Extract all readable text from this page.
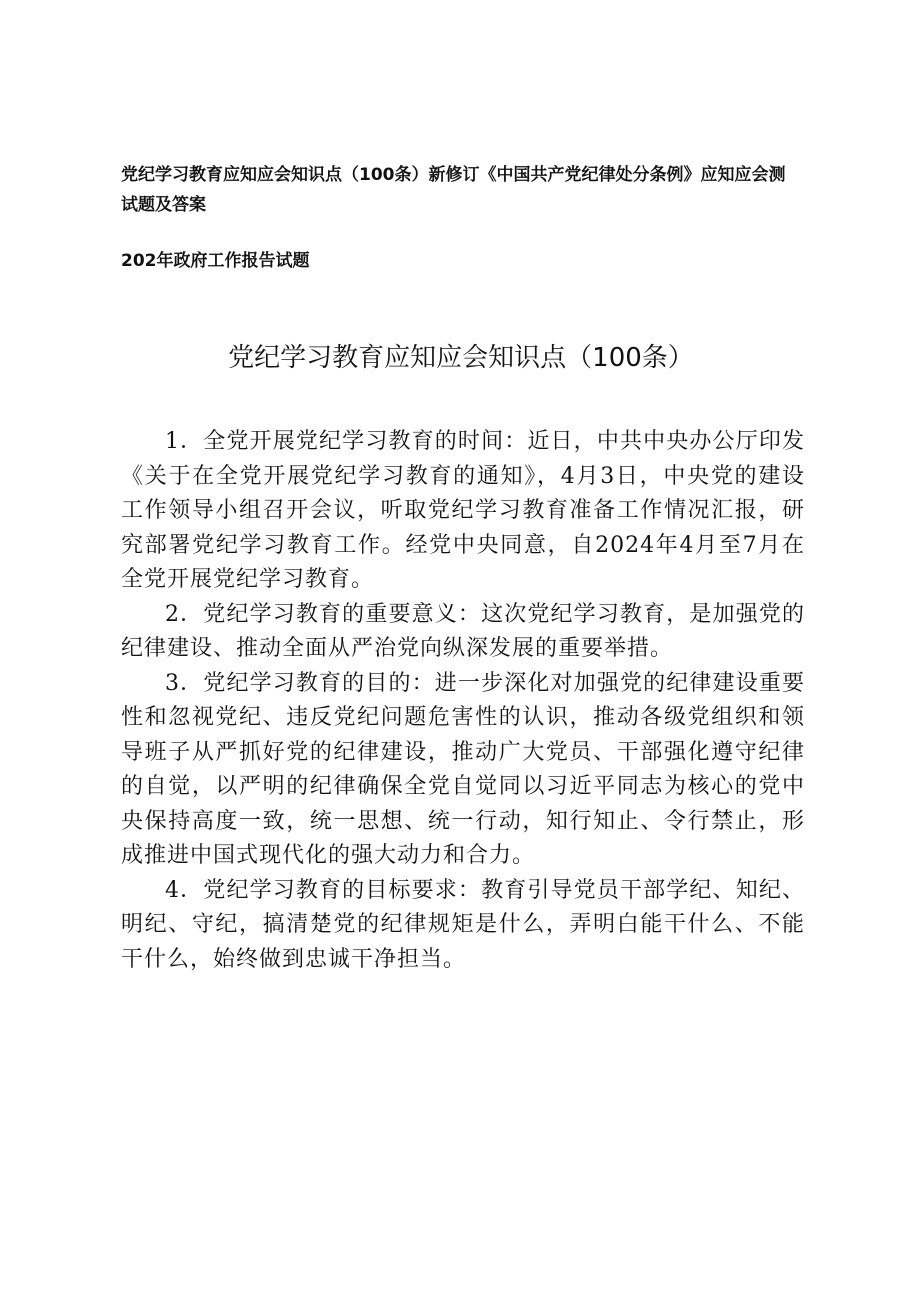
党纪学习教育应知应会知识点（100条）新修订《中国共产党纪律处分条例》应知应会测试题及答案
202年政府工作报告试题
党纪学习教育应知应会知识点（100条）

1．全党开展党纪学习教育的时间：近日，中共中央办公厅印发《关于在全党开展党纪学习教育的通知》，4月3日，中央党的建设工作领导小组召开会议，听取党纪学习教育准备工作情况汇报，研究部署党纪学习教育工作。经党中央同意，自2024年4月至7月在全党开展党纪学习教育。

2．党纪学习教育的重要意义：这次党纪学习教育，是加强党的纪律建设、推动全面从严治党向纵深发展的重要举措。

3．党纪学习教育的目的：进一步深化对加强党的纪律建设重要性和忽视党纪、违反党纪问题危害性的认识，推动各级党组织和领导班子从严抓好党的纪律建设，推动广大党员、干部强化遵守纪律的自觉，以严明的纪律确保全党自觉同以习近平同志为核心的党中央保持高度一致，统一思想、统一行动，知行知止、令行禁止，形成推进中国式现代化的强大动力和合力。

4．党纪学习教育的目标要求：教育引导党员干部学纪、知纪、明纪、守纪，搞清楚党的纪律规矩是什么，弄明白能干什么、不能干什么，始终做到忠诚干净担当。
